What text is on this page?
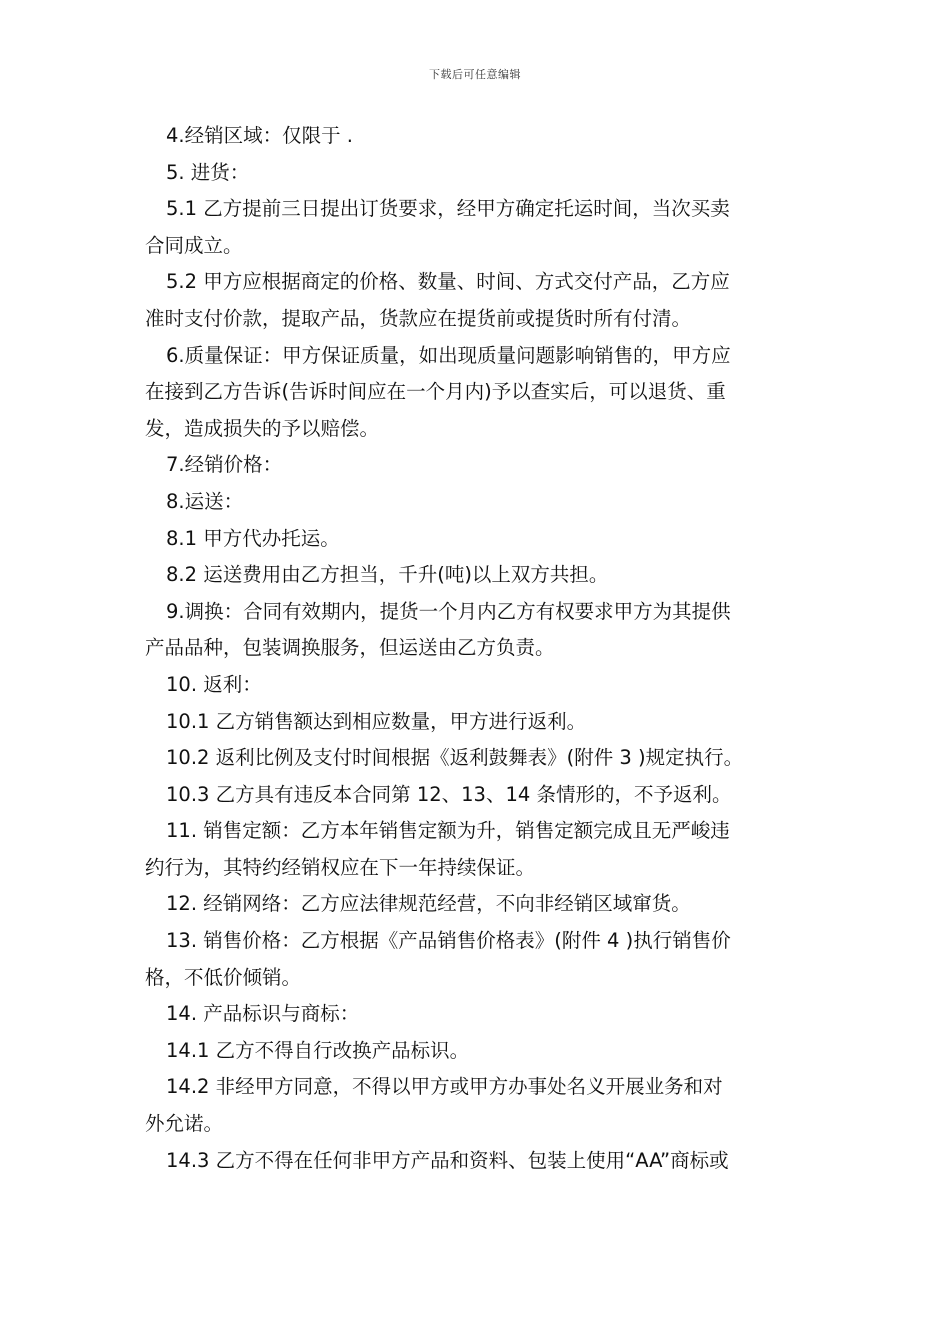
下载后可任意编辑
4.经销区域：仅限于 .
5. 进货：
5.1 乙方提前三日提出订货要求，经甲方确定托运时间，当次买卖
合同成立。
5.2 甲方应根据商定的价格、数量、时间、方式交付产品，乙方应
准时支付价款，提取产品，货款应在提货前或提货时所有付清。
6.质量保证：甲方保证质量，如出现质量问题影响销售的，甲方应
在接到乙方告诉(告诉时间应在一个月内)予以查实后，可以退货、重
发，造成损失的予以赔偿。
7.经销价格：
8.运送：
8.1 甲方代办托运。
8.2 运送费用由乙方担当，千升(吨)以上双方共担。
9.调换：合同有效期内，提货一个月内乙方有权要求甲方为其提供
产品品种，包装调换服务，但运送由乙方负责。
10. 返利：
10.1 乙方销售额达到相应数量，甲方进行返利。
10.2 返利比例及支付时间根据《返利鼓舞表》(附件 3 )规定执行。
10.3 乙方具有违反本合同第 12、13、14 条情形的，不予返利。
11. 销售定额：乙方本年销售定额为升，销售定额完成且无严峻违
约行为，其特约经销权应在下一年持续保证。
12. 经销网络：乙方应法律规范经营，不向非经销区域窜货。
13. 销售价格：乙方根据《产品销售价格表》(附件 4 )执行销售价
格，不低价倾销。
14. 产品标识与商标：
14.1 乙方不得自行改换产品标识。
14.2 非经甲方同意，不得以甲方或甲方办事处名义开展业务和对
外允诺。
14.3 乙方不得在任何非甲方产品和资料、包装上使用“AA”商标或
